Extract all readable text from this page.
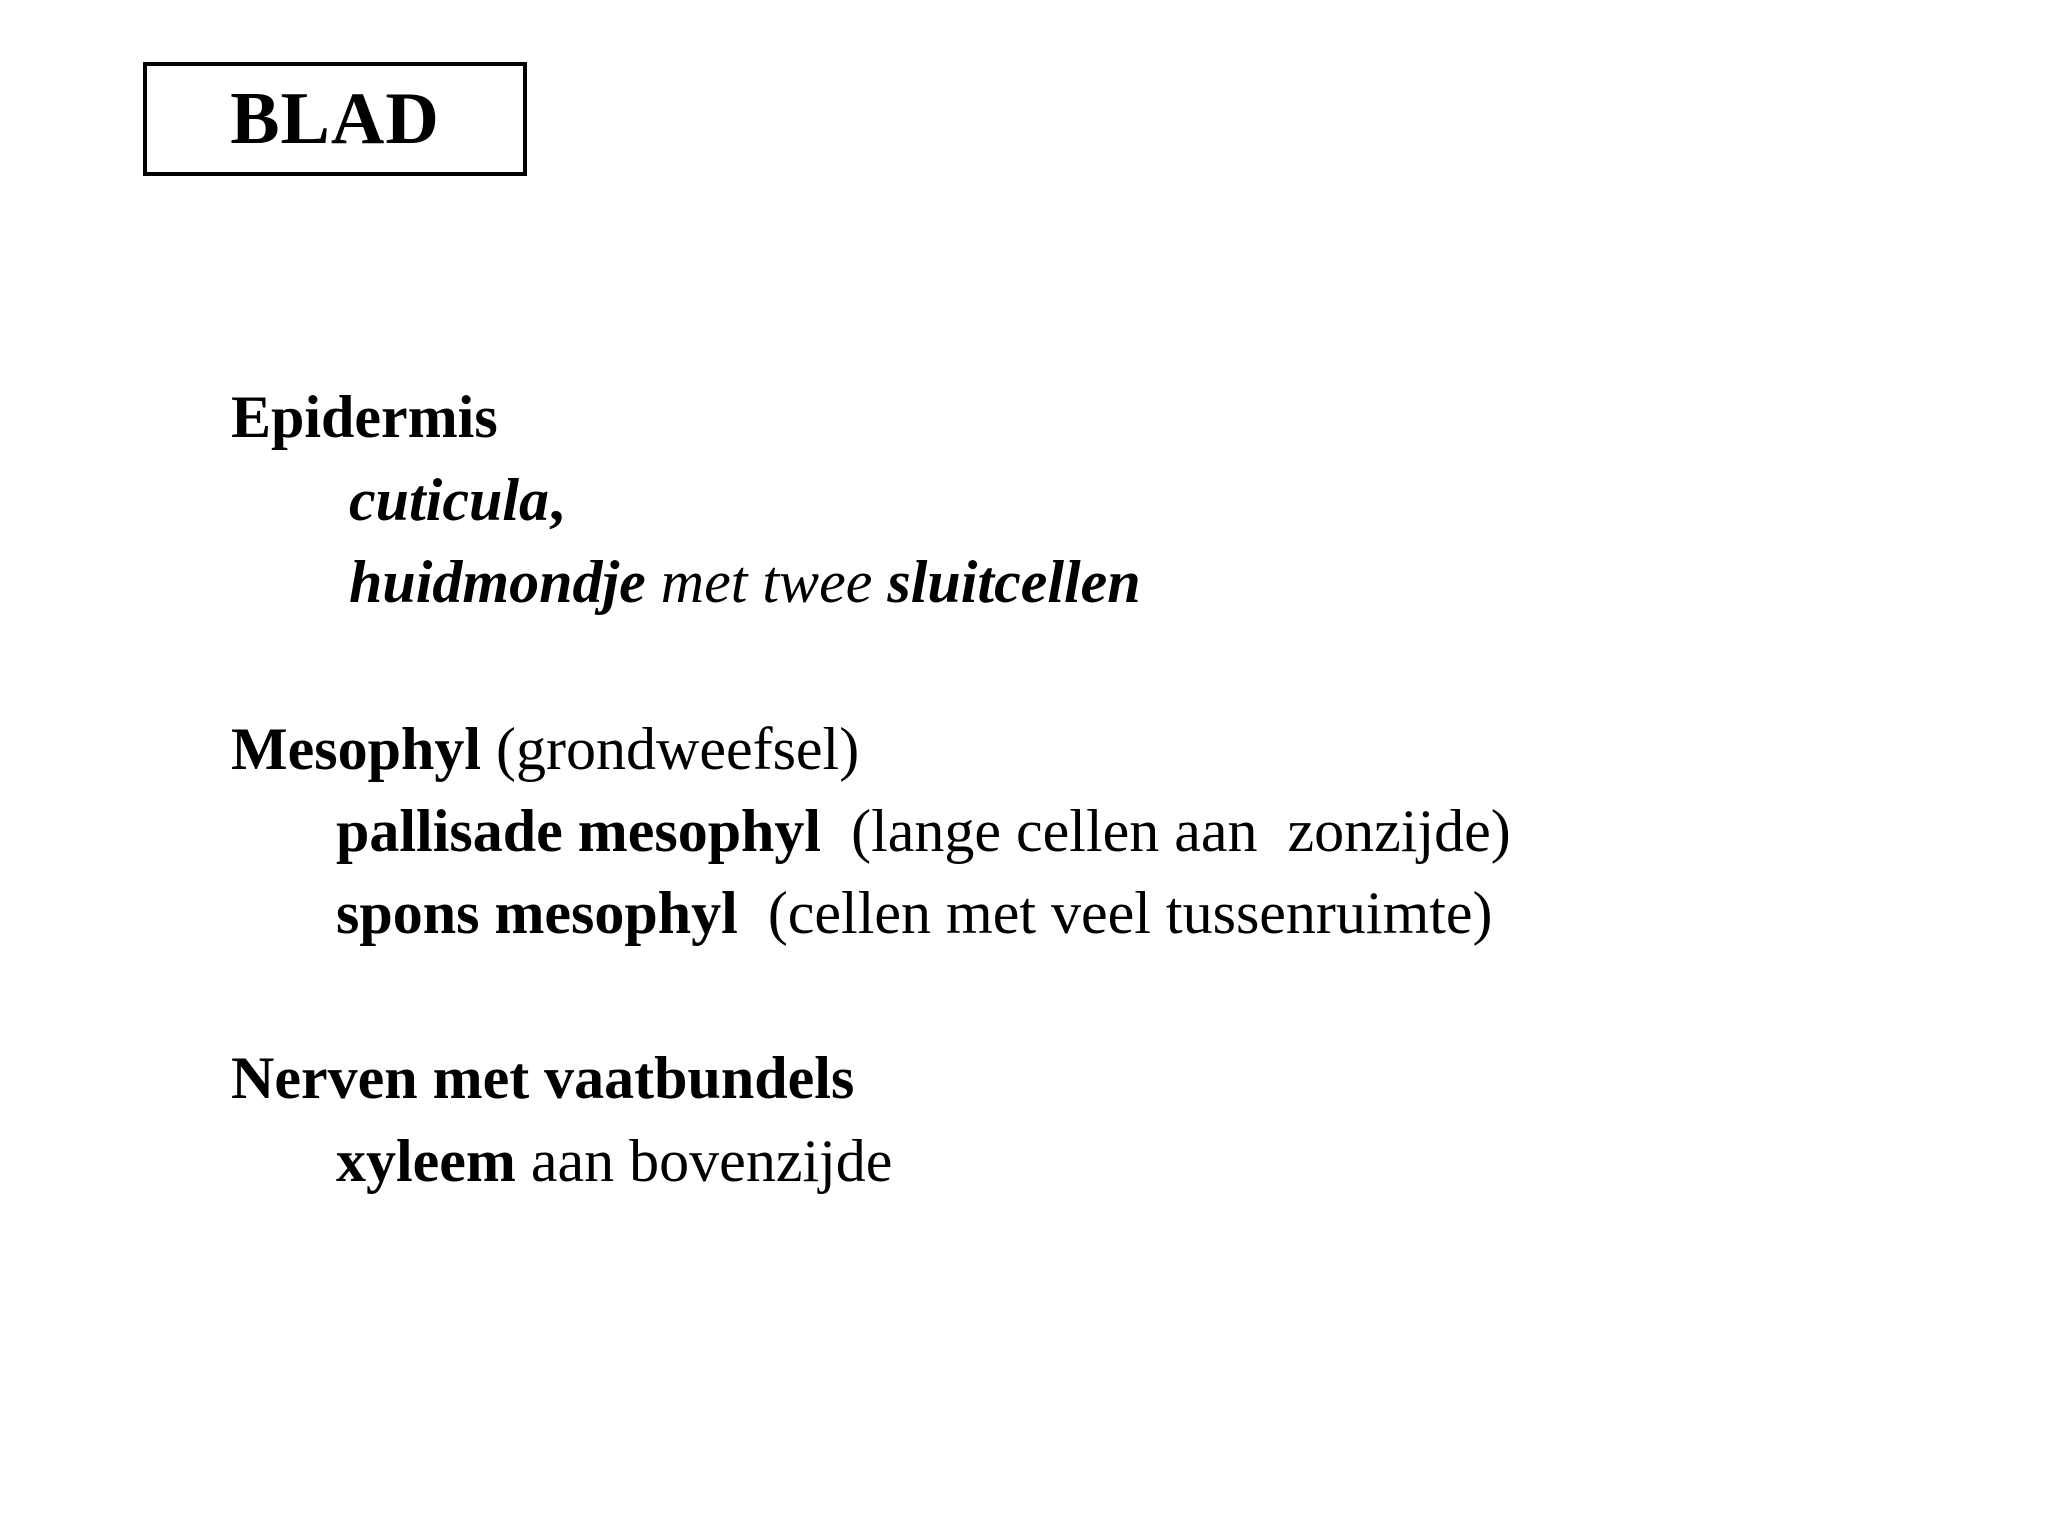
BLAD

Epidermis

cuticula,

huidmondje met twee sluitcellen

Mesophyl (grondweefsel)

pallisade mesophyl  (lange cellen aan  zonzijde)

spons mesophyl  (cellen met veel tussenruimte)

Nerven met vaatbundels

xyleem aan bovenzijde
